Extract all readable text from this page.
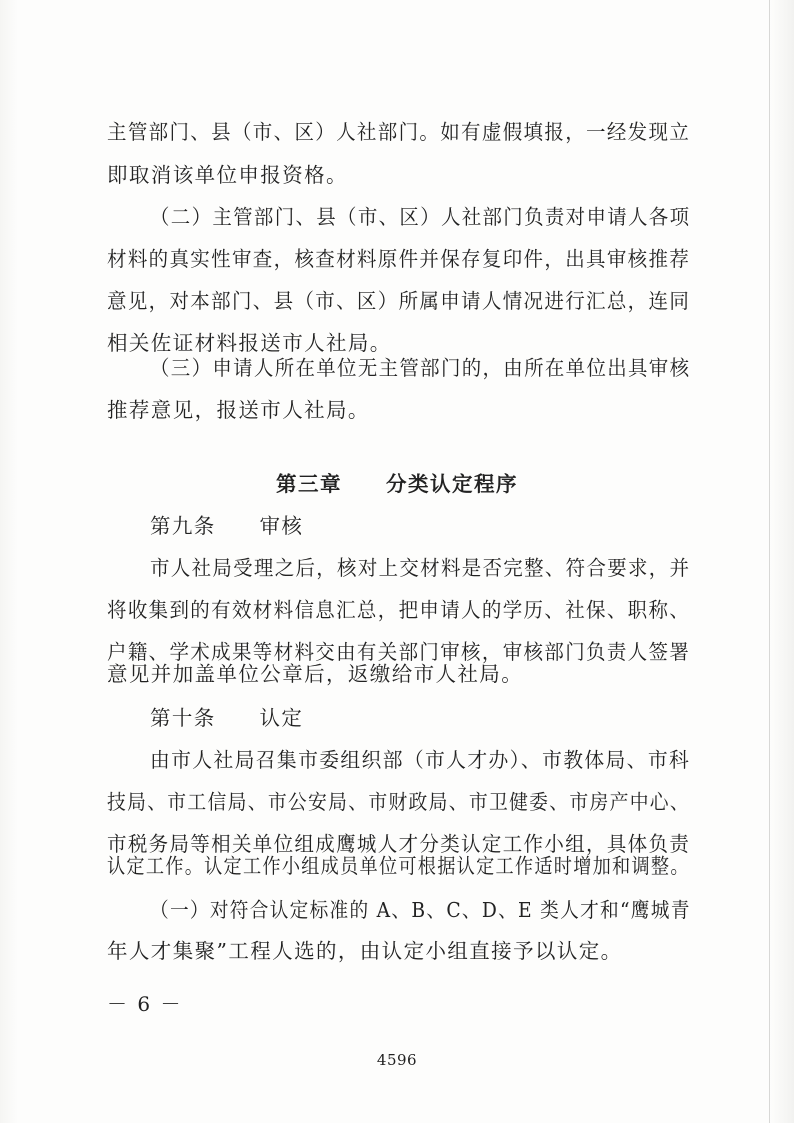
主管部门、县（市、区）人社部门。如有虚假填报，一经发现立
即取消该单位申报资格。
（二）主管部门、县（市、区）人社部门负责对申请人各项
材料的真实性审查，核查材料原件并保存复印件，出具审核推荐
意见，对本部门、县（市、区）所属申请人情况进行汇总，连同
相关佐证材料报送市人社局。
（三）申请人所在单位无主管部门的，由所在单位出具审核
推荐意见，报送市人社局。
第三章　　分类认定程序
第九条　　审核
市人社局受理之后，核对上交材料是否完整、符合要求，并
将收集到的有效材料信息汇总，把申请人的学历、社保、职称、
户籍、学术成果等材料交由有关部门审核，审核部门负责人签署
意见并加盖单位公章后，返缴给市人社局。
第十条　　认定
由市人社局召集市委组织部（市人才办）、市教体局、市科
技局、市工信局、市公安局、市财政局、市卫健委、市房产中心、
市税务局等相关单位组成鹰城人才分类认定工作小组，具体负责
认定工作。认定工作小组成员单位可根据认定工作适时增加和调整。
（一）对符合认定标准的 A、B、C、D、E 类人才和“鹰城青
年人才集聚”工程人选的，由认定小组直接予以认定。
－ 6 －
4596
